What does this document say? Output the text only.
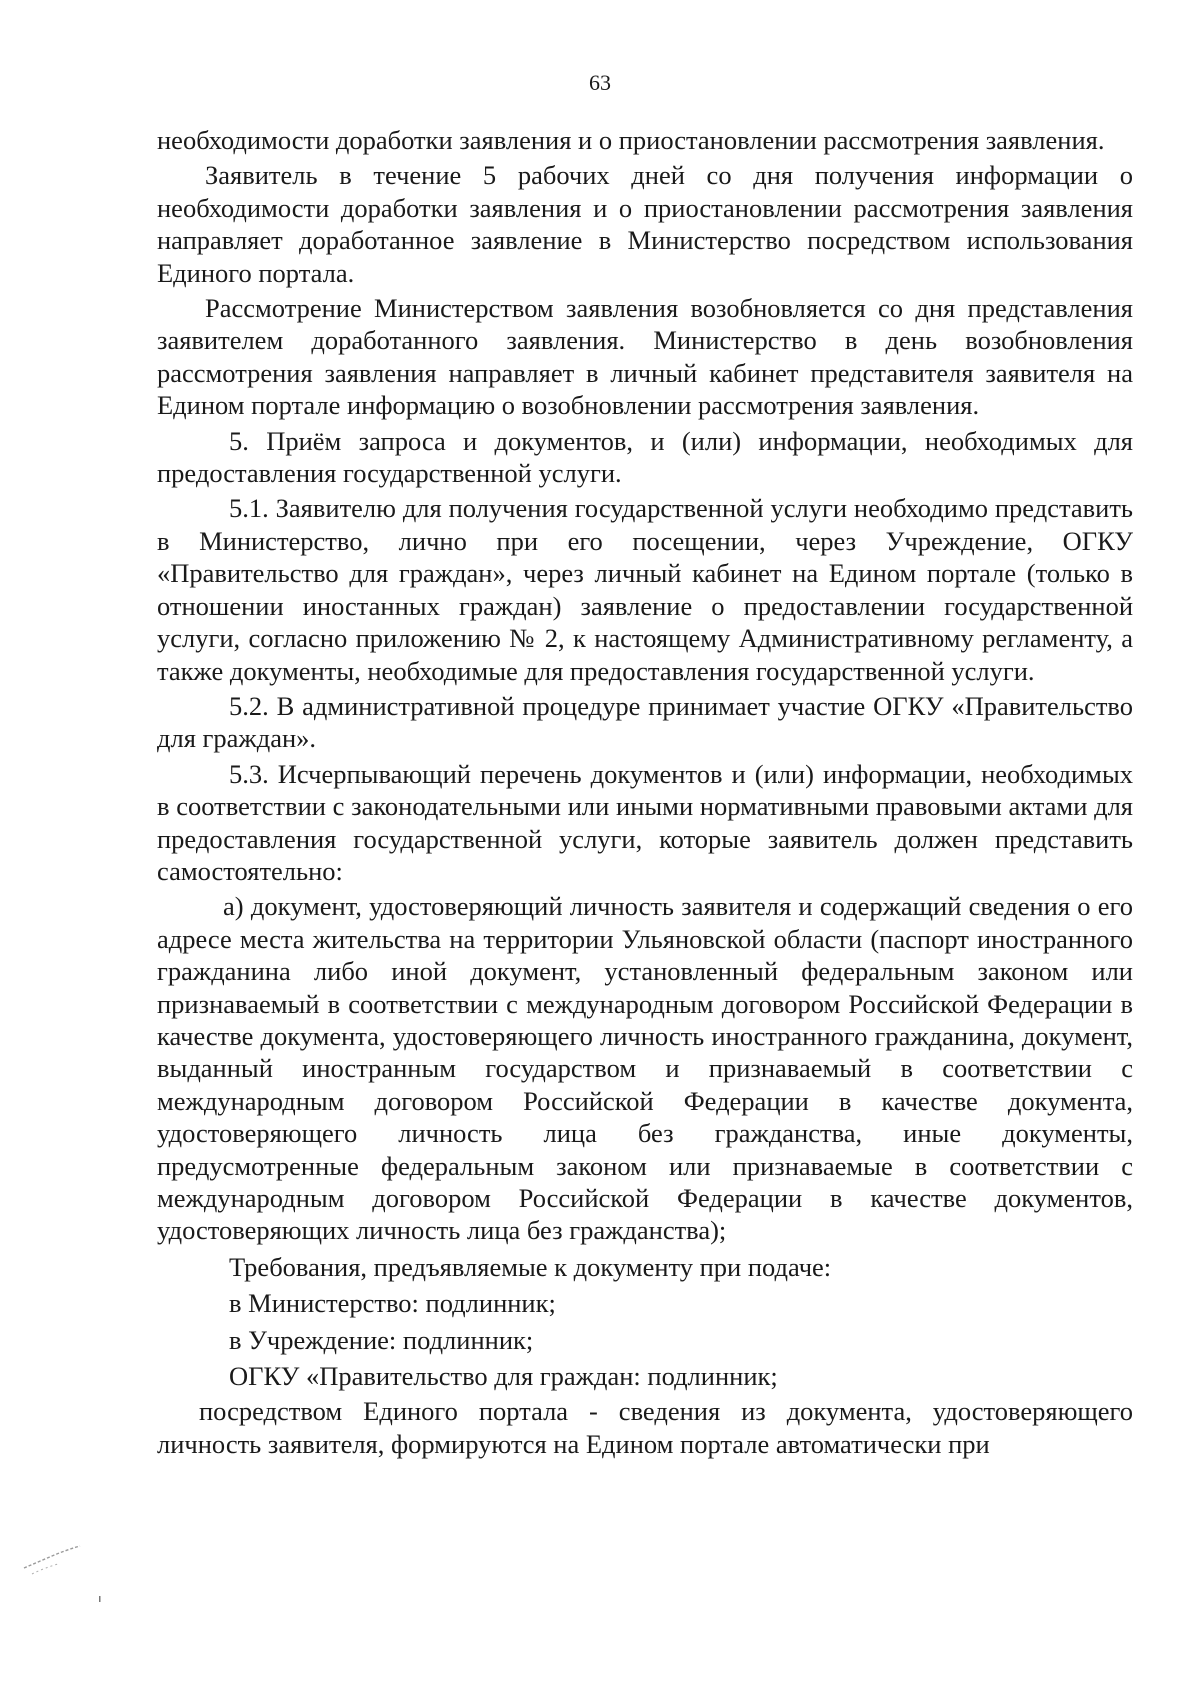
63

необходимости доработки заявления и о приостановлении рассмотрения заявления.

Заявитель в течение 5 рабочих дней со дня получения информации о необходимости доработки заявления и о приостановлении рассмотрения заявления направляет доработанное заявление в Министерство посредством использования Единого портала.

Рассмотрение Министерством заявления возобновляется со дня представления заявителем доработанного заявления. Министерство в день возобновления рассмотрения заявления направляет в личный кабинет представителя заявителя на Едином портале информацию о возобновлении рассмотрения заявления.

5. Приём запроса и документов, и (или) информации, необходимых для предоставления государственной услуги.

5.1. Заявителю для получения государственной услуги необходимо представить в Министерство, лично при его посещении, через Учреждение, ОГКУ «Правительство для граждан», через личный кабинет на Едином портале (только в отношении иностанных граждан) заявление о предоставлении государственной услуги, согласно приложению № 2, к настоящему Административному регламенту, а также документы, необходимые для предоставления государственной услуги.

5.2. В административной процедуре принимает участие ОГКУ «Правительство для граждан».

5.3. Исчерпывающий перечень документов и (или) информации, необходимых в соответствии с законодательными или иными нормативными правовыми актами для предоставления государственной услуги, которые заявитель должен представить самостоятельно:

а) документ, удостоверяющий личность заявителя и содержащий сведения о его адресе места жительства на территории Ульяновской области (паспорт иностранного гражданина либо иной документ, установленный федеральным законом или признаваемый в соответствии с международным договором Российской Федерации в качестве документа, удостоверяющего личность иностранного гражданина, документ, выданный иностранным государством и признаваемый в соответствии с международным договором Российской Федерации в качестве документа, удостоверяющего личность лица без гражданства, иные документы, предусмотренные федеральным законом или признаваемые в соответствии с международным договором Российской Федерации в качестве документов, удостоверяющих личность лица без гражданства);

Требования, предъявляемые к документу при подаче:

в Министерство: подлинник;

в Учреждение: подлинник;

ОГКУ «Правительство для граждан: подлинник;

посредством Единого портала - сведения из документа, удостоверяющего личность заявителя, формируются на Едином портале автоматически при
